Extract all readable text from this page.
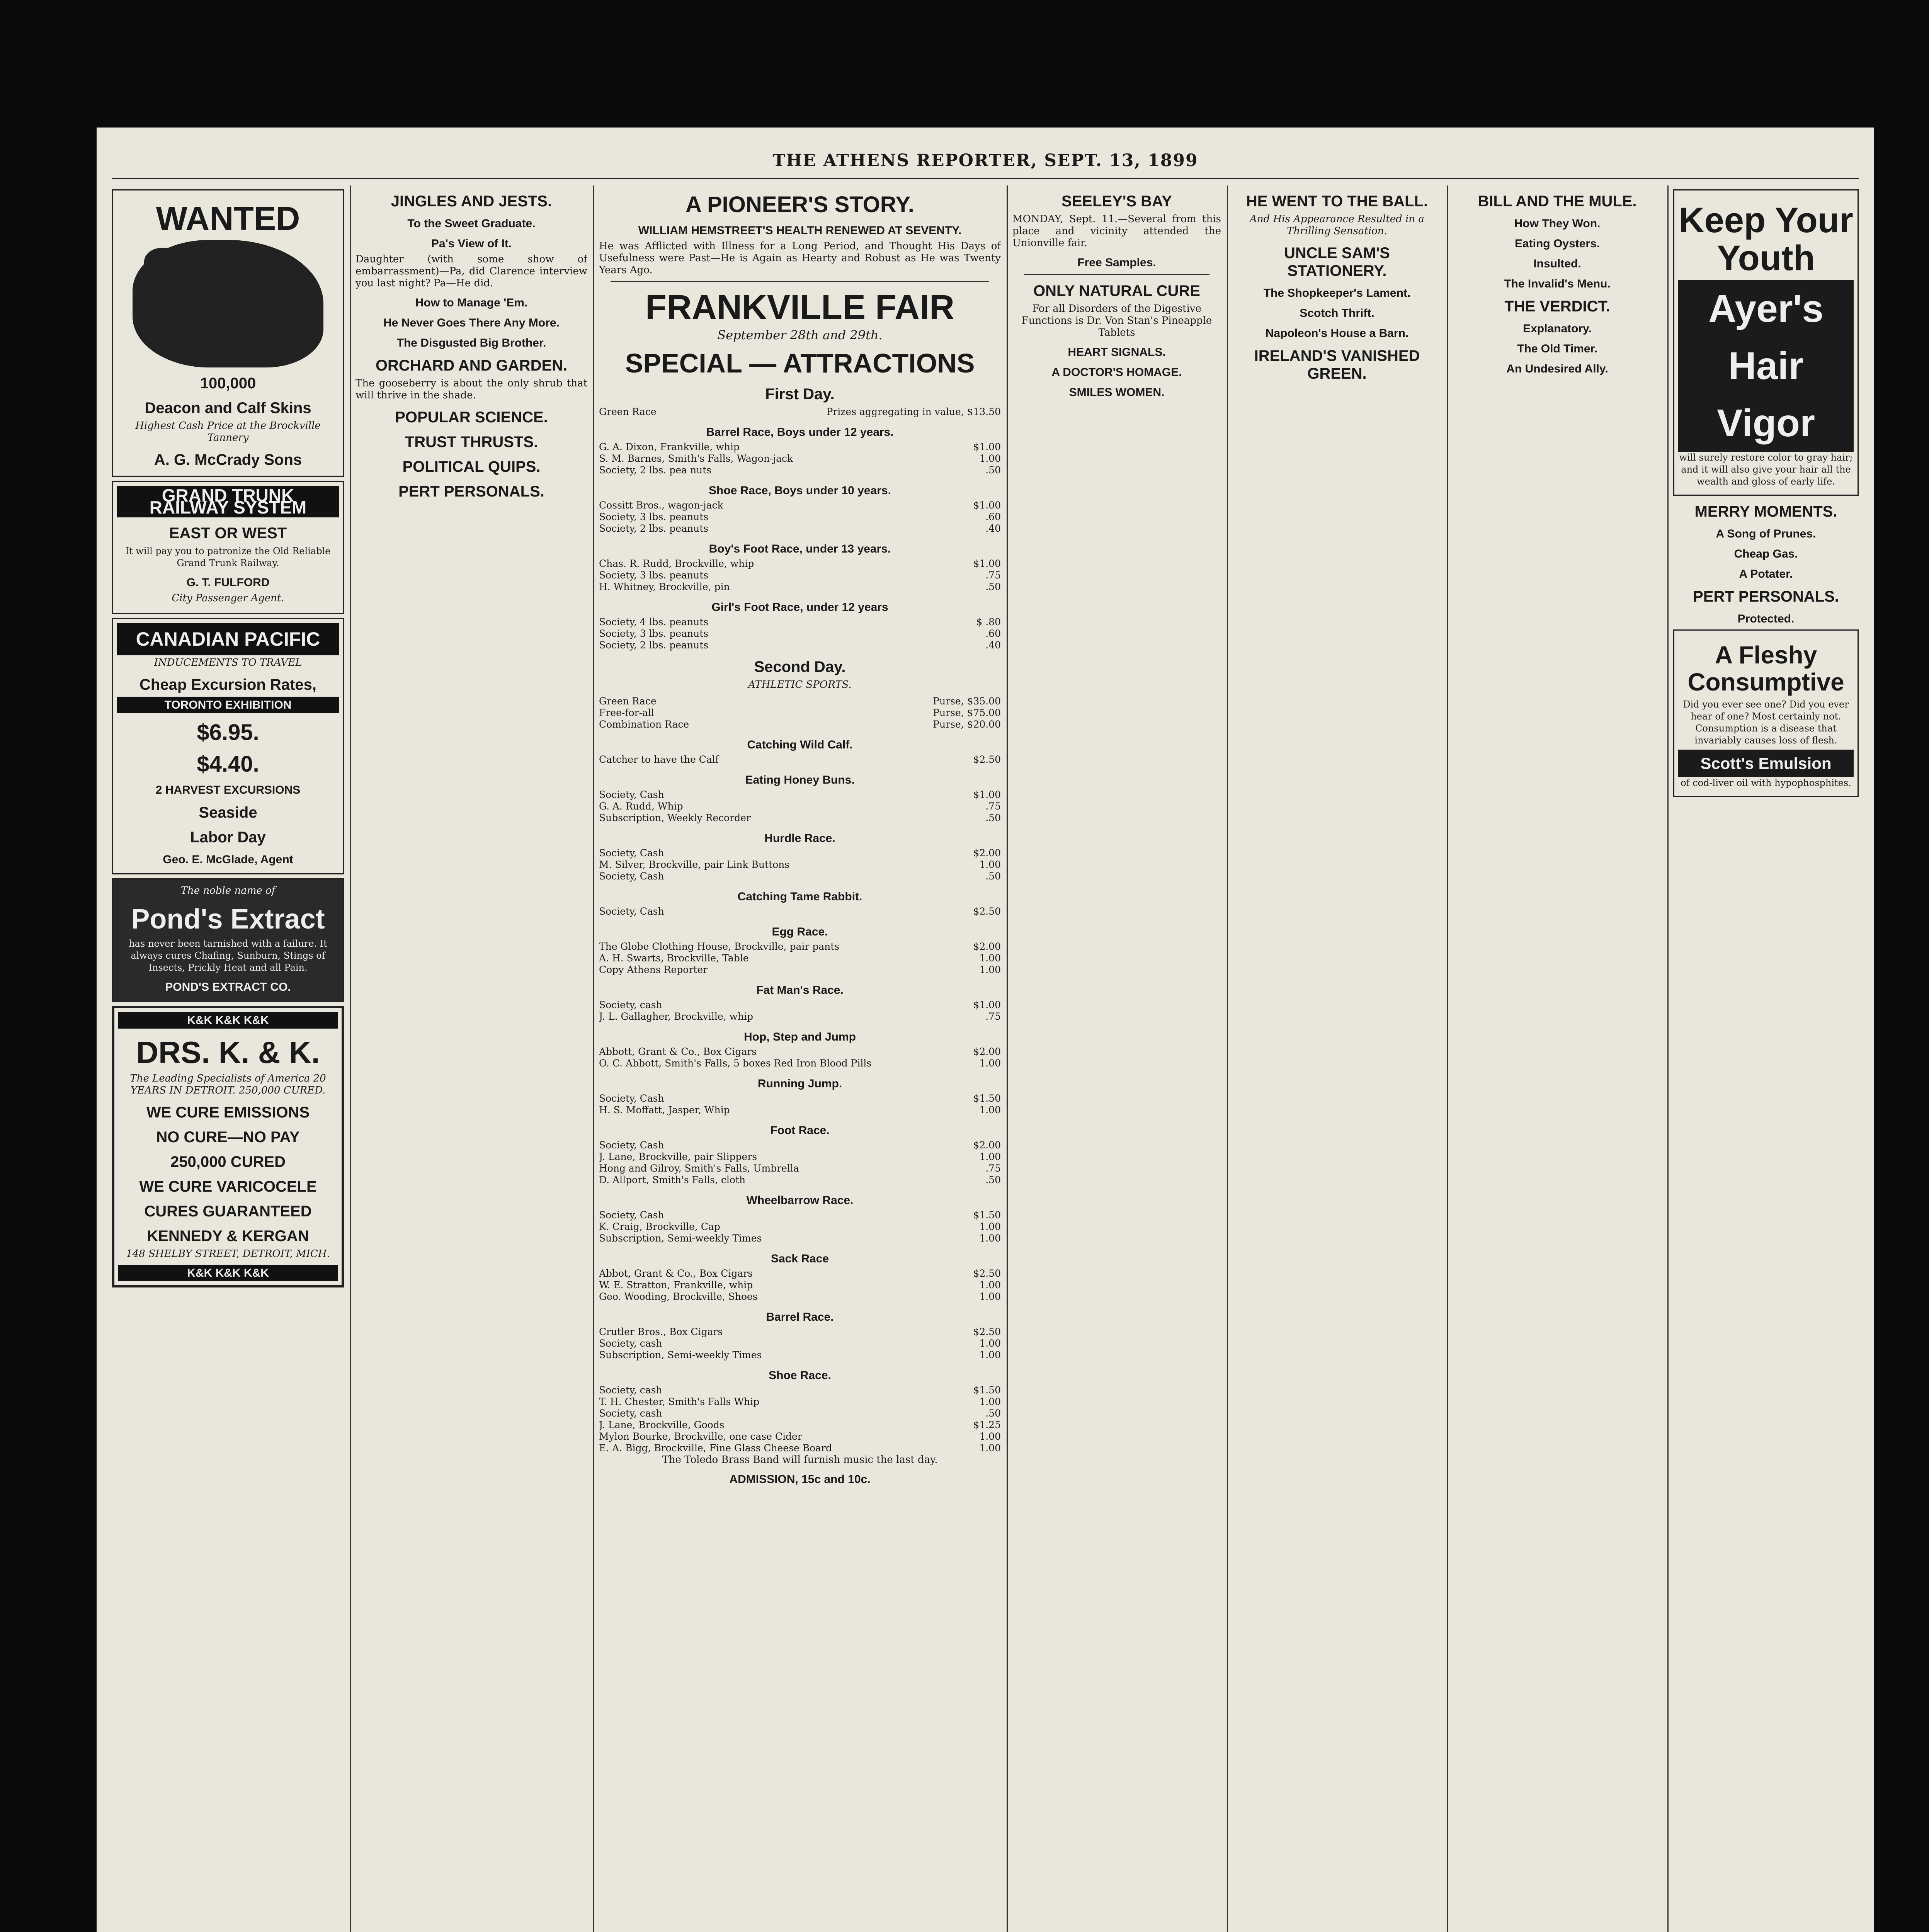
THE ATHENS REPORTER, SEPT. 13, 1899
WANTED
100,000
Deacon and Calf Skins
Highest Cash Price at the Brockville Tannery
A. G. McCrady Sons
GRAND TRUNK RAILWAY SYSTEM
EAST OR WEST

It will pay you to patronize the Old Reliable Grand Trunk Railway.

G. T. FULFORD
City Passenger Agent.
CANADIAN PACIFIC
INDUCEMENTS TO TRAVEL
Cheap Excursion Rates,
TORONTO EXHIBITION
$6.95.
$4.40.
2 HARVEST EXCURSIONS
Seaside
Labor Day
Geo. E. McGlade, Agent
The noble name of
Pond's Extract

has never been tarnished with a failure. It always cures Chafing, Sunburn, Stings of Insects, Prickly Heat and all Pain.

POND'S EXTRACT CO.
K&K K&K K&K
DRS. K. & K.
The Leading Specialists of America 20 YEARS IN DETROIT. 250,000 CURED.
WE CURE EMISSIONS
NO CURE—NO PAY
250,000 CURED
WE CURE VARICOCELE
CURES GUARANTEED
KENNEDY & KERGAN
148 SHELBY STREET, DETROIT, MICH.
K&K K&K K&K
JINGLES AND JESTS.
To the Sweet Graduate.
Pa's View of It.

Daughter (with some show of embarrassment)—Pa, did Clarence interview you last night? Pa—He did.

How to Manage 'Em.
He Never Goes There Any More.
The Disgusted Big Brother.
ORCHARD AND GARDEN.

The gooseberry is about the only shrub that will thrive in the shade.

POPULAR SCIENCE.
TRUST THRUSTS.
POLITICAL QUIPS.
PERT PERSONALS.
A PIONEER'S STORY.
WILLIAM HEMSTREET'S HEALTH RENEWED AT SEVENTY.

He was Afflicted with Illness for a Long Period, and Thought His Days of Usefulness were Past—He is Again as Hearty and Robust as He was Twenty Years Ago.

FRANKVILLE FAIR
September 28th and 29th.
SPECIAL — ATTRACTIONS
First Day.
Green Race	Prizes aggregating in value, $13.50
Barrel Race, Boys under 12 years.
G. A. Dixon, Frankville, whip	$1.00
S. M. Barnes, Smith's Falls, Wagon-jack	1.00
Society, 2 lbs. pea nuts	.50
Shoe Race, Boys under 10 years.
Cossitt Bros., wagon-jack	$1.00
Society, 3 lbs. peanuts	.60
Society, 2 lbs. peanuts	.40
Boy's Foot Race, under 13 years.
Chas. R. Rudd, Brockville, whip	$1.00
Society, 3 lbs. peanuts	.75
H. Whitney, Brockville, pin	.50
Girl's Foot Race, under 12 years
Society, 4 lbs. peanuts	$ .80
Society, 3 lbs. peanuts	.60
Society, 2 lbs. peanuts	.40
Second Day.
ATHLETIC SPORTS.
Green Race	Purse, $35.00
Free-for-all	Purse, $75.00
Combination Race	Purse, $20.00
Catching Wild Calf.
Catcher to have the Calf	$2.50
Eating Honey Buns.
Society, Cash	$1.00
G. A. Rudd, Whip	.75
Subscription, Weekly Recorder	.50
Hurdle Race.
Society, Cash	$2.00
M. Silver, Brockville, pair Link Buttons	1.00
Society, Cash	.50
Catching Tame Rabbit.
Society, Cash	$2.50
Egg Race.
The Globe Clothing House, Brockville, pair pants	$2.00
A. H. Swarts, Brockville, Table	1.00
Copy Athens Reporter	1.00
Fat Man's Race.
Society, cash	$1.00
J. L. Gallagher, Brockville, whip	.75
Hop, Step and Jump
Abbott, Grant & Co., Box Cigars	$2.00
O. C. Abbott, Smith's Falls, 5 boxes Red Iron Blood Pills	1.00
Running Jump.
Society, Cash	$1.50
H. S. Moffatt, Jasper, Whip	1.00
Foot Race.
Society, Cash	$2.00
J. Lane, Brockville, pair Slippers	1.00
Hong and Gilroy, Smith's Falls, Umbrella	.75
D. Allport, Smith's Falls, cloth	.50
Wheelbarrow Race.
Society, Cash	$1.50
K. Craig, Brockville, Cap	1.00
Subscription, Semi-weekly Times	1.00
Sack Race
Abbot, Grant & Co., Box Cigars	$2.50
W. E. Stratton, Frankville, whip	1.00
Geo. Wooding, Brockville, Shoes	1.00
Barrel Race.
Crutler Bros., Box Cigars	$2.50
Society, cash	1.00
Subscription, Semi-weekly Times	1.00
Shoe Race.
Society, cash	$1.50
T. H. Chester, Smith's Falls Whip	1.00
Society, cash	.50
J. Lane, Brockville, Goods	$1.25
Mylon Bourke, Brockville, one case Cider	1.00
E. A. Bigg, Brockville, Fine Glass Cheese Board	1.00

The Toledo Brass Band will furnish music the last day.

ADMISSION, 15c and 10c.
SEELEY'S BAY

MONDAY, Sept. 11.—Several from this place and vicinity attended the Unionville fair.

Free Samples.
ONLY NATURAL CURE

For all Disorders of the Digestive Functions is Dr. Von Stan's Pineapple Tablets

HEART SIGNALS.
A DOCTOR'S HOMAGE.
SMILES WOMEN.
HE WENT TO THE BALL.
And His Appearance Resulted in a Thrilling Sensation.
UNCLE SAM'S STATIONERY.
The Shopkeeper's Lament.
Scotch Thrift.
Napoleon's House a Barn.
IRELAND'S VANISHED GREEN.
BILL AND THE MULE.
How They Won.
Eating Oysters.
Insulted.
The Invalid's Menu.
THE VERDICT.
Explanatory.
The Old Timer.
An Undesired Ally.
Keep Your Youth
Ayer's
Hair
Vigor

will surely restore color to gray hair; and it will also give your hair all the wealth and gloss of early life.

MERRY MOMENTS.
A Song of Prunes.
Cheap Gas.
A Potater.
PERT PERSONALS.
Protected.
A Fleshy Consumptive

Did you ever see one? Did you ever hear of one? Most certainly not. Consumption is a disease that invariably causes loss of flesh.

Scott's Emulsion

of cod-liver oil with hypophosphites.
